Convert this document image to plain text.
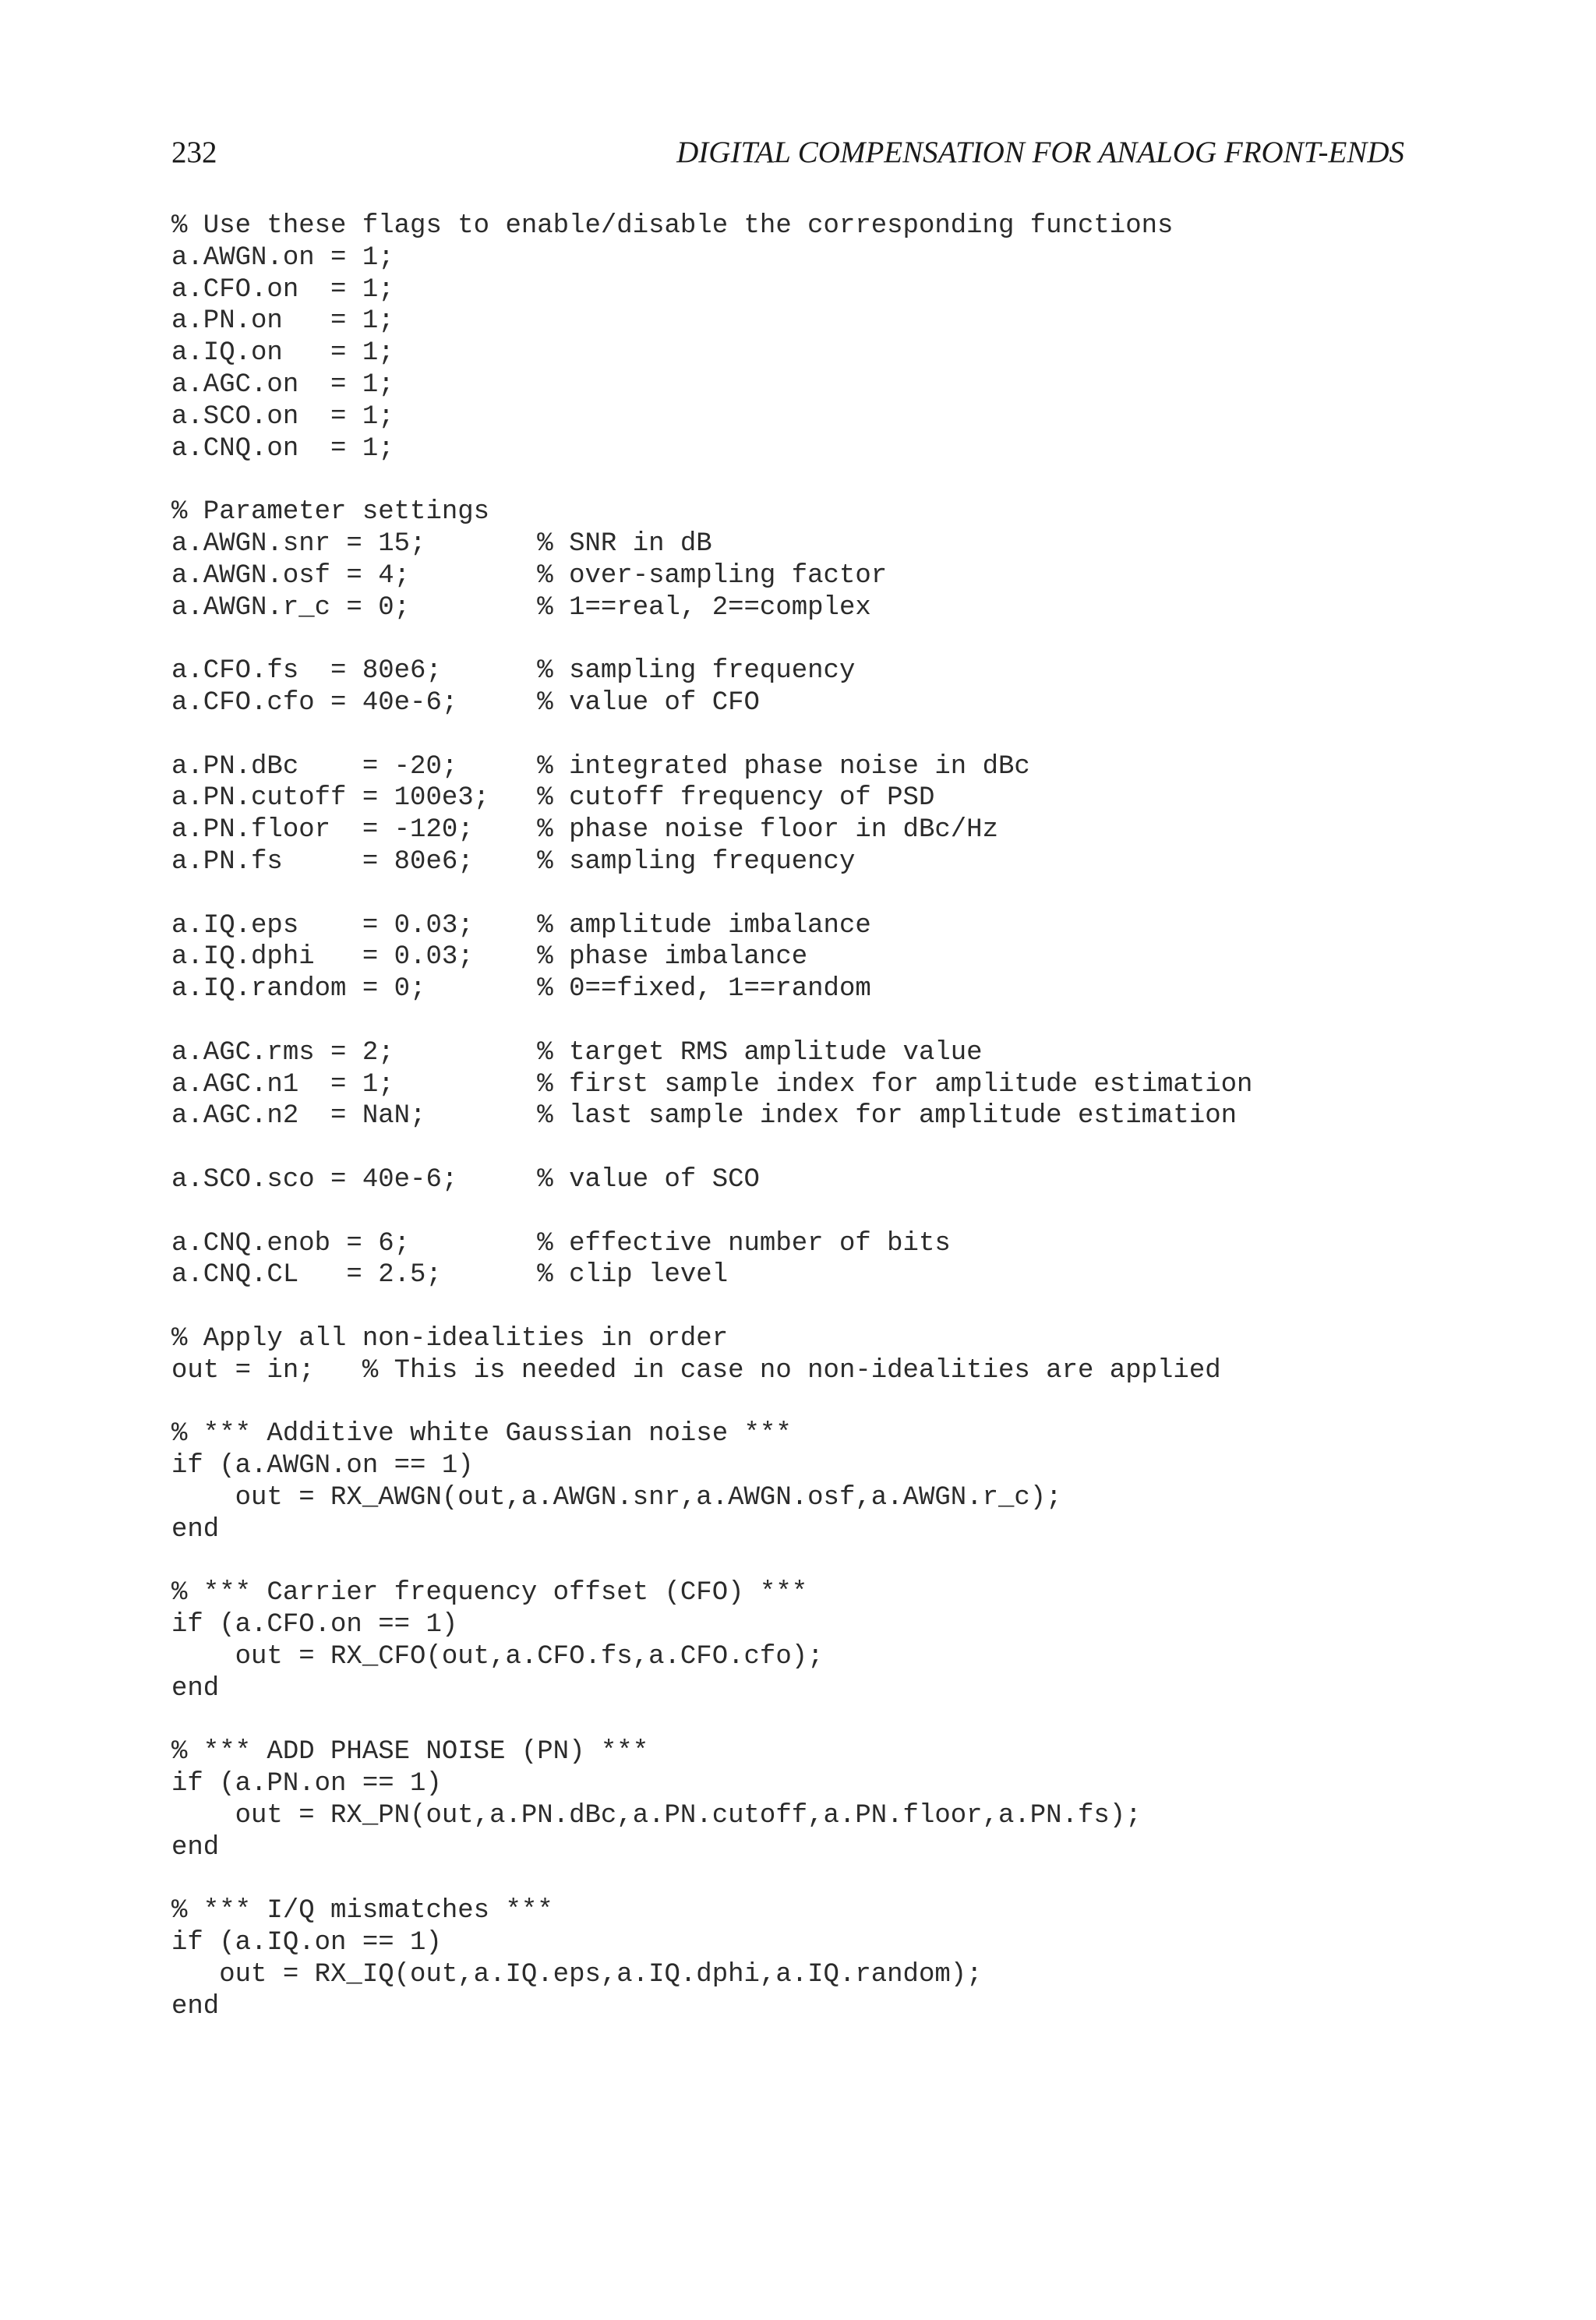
232	DIGITAL COMPENSATION FOR ANALOG FRONT-ENDS
% Use these flags to enable/disable the corresponding functions
a.AWGN.on = 1;
a.CFO.on  = 1;
a.PN.on   = 1;
a.IQ.on   = 1;
a.AGC.on  = 1;
a.SCO.on  = 1;
a.CNQ.on  = 1;
% Parameter settings
a.AWGN.snr = 15;       % SNR in dB
a.AWGN.osf = 4;        % over-sampling factor
a.AWGN.r_c = 0;        % 1==real, 2==complex
a.CFO.fs  = 80e6;      % sampling frequency
a.CFO.cfo = 40e-6;     % value of CFO
a.PN.dBc    = -20;     % integrated phase noise in dBc
a.PN.cutoff = 100e3;   % cutoff frequency of PSD
a.PN.floor  = -120;    % phase noise floor in dBc/Hz
a.PN.fs     = 80e6;    % sampling frequency
a.IQ.eps    = 0.03;    % amplitude imbalance
a.IQ.dphi   = 0.03;    % phase imbalance
a.IQ.random = 0;       % 0==fixed, 1==random
a.AGC.rms = 2;         % target RMS amplitude value
a.AGC.n1  = 1;         % first sample index for amplitude estimation
a.AGC.n2  = NaN;       % last sample index for amplitude estimation
a.SCO.sco = 40e-6;     % value of SCO
a.CNQ.enob = 6;        % effective number of bits
a.CNQ.CL   = 2.5;      % clip level
% Apply all non-idealities in order
out = in;   % This is needed in case no non-idealities are applied
% *** Additive white Gaussian noise ***
if (a.AWGN.on == 1)
out = RX_AWGN(out,a.AWGN.snr,a.AWGN.osf,a.AWGN.r_c);
end
% *** Carrier frequency offset (CFO) ***
if (a.CFO.on == 1)
out = RX_CFO(out,a.CFO.fs,a.CFO.cfo);
end
% *** ADD PHASE NOISE (PN) ***
if (a.PN.on == 1)
out = RX_PN(out,a.PN.dBc,a.PN.cutoff,a.PN.floor,a.PN.fs);
end
% *** I/Q mismatches ***
if (a.IQ.on == 1)
out = RX_IQ(out,a.IQ.eps,a.IQ.dphi,a.IQ.random);
end
